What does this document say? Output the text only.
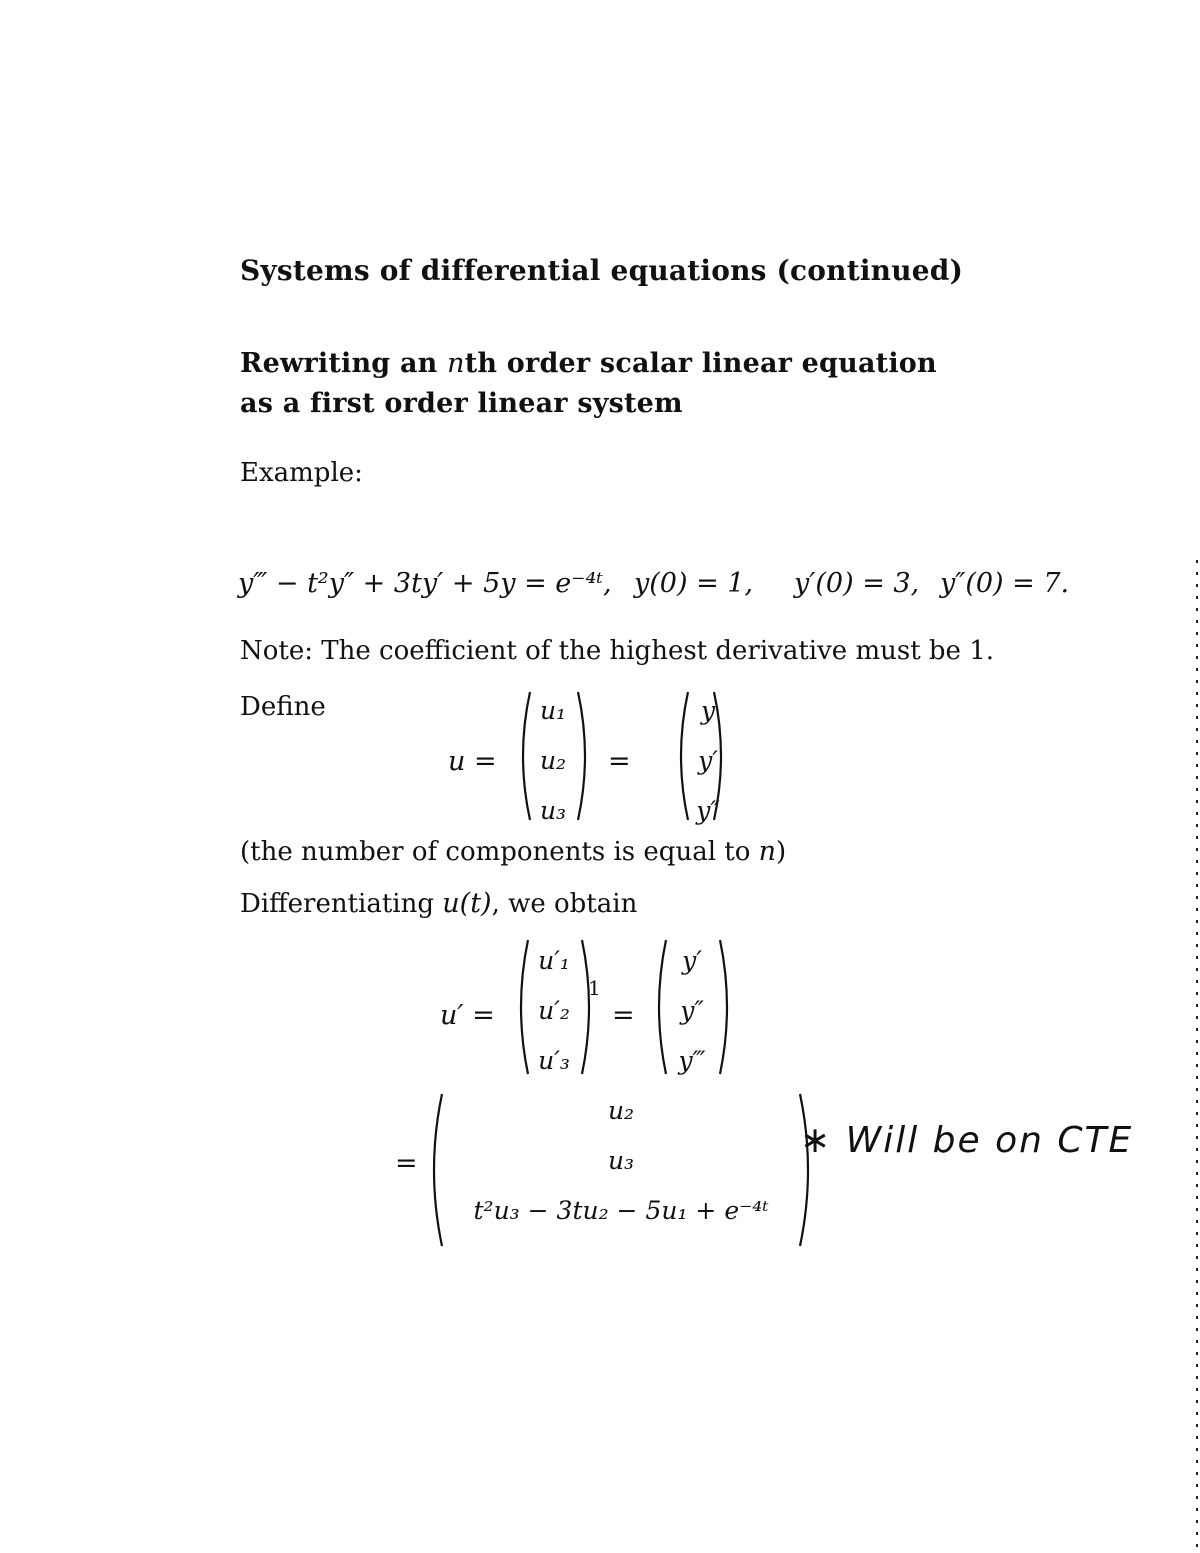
Systems of differential equations (continued)
Rewriting an nth order scalar linear equation
as a first order linear system
Example:
y‴ − t²y″ + 3ty′ + 5y = e⁻⁴ᵗ, y(0) = 1, y′(0) = 3, y″(0) = 7.
Note: The coefficient of the highest derivative must be 1.
Define
u =
u₁
u₂
u₃
=
y
y′
y″
(the number of components is equal to n)
Differentiating u(t), we obtain
u′ =
u′₁
u′₂
u′₃
=
y′
y″
y‴
=
u₂
u₃
t²u₃ − 3tu₂ − 5u₁ + e⁻⁴ᵗ
∗ Will be on CTE
1
